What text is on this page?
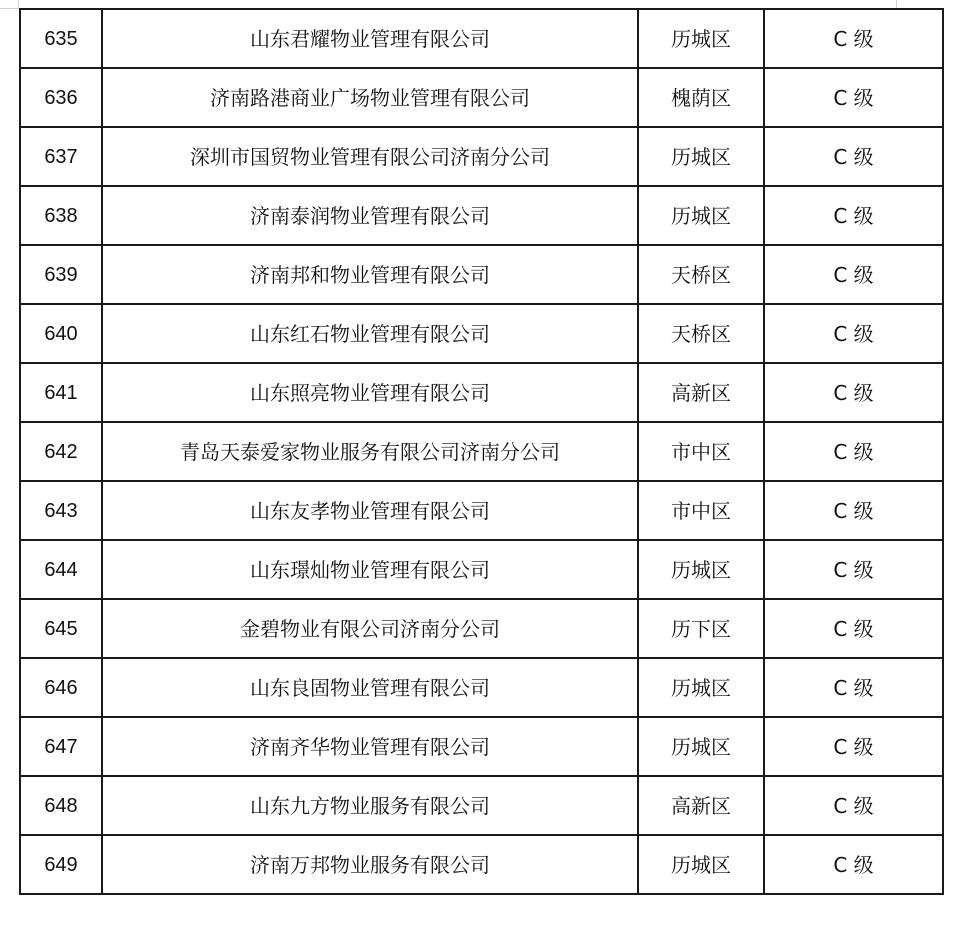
635	山东君耀物业管理有限公司	历城区	C 级
636	济南路港商业广场物业管理有限公司	槐荫区	C 级
637	深圳市国贸物业管理有限公司济南分公司	历城区	C 级
638	济南泰润物业管理有限公司	历城区	C 级
639	济南邦和物业管理有限公司	天桥区	C 级
640	山东红石物业管理有限公司	天桥区	C 级
641	山东照亮物业管理有限公司	高新区	C 级
642	青岛天泰爱家物业服务有限公司济南分公司	市中区	C 级
643	山东友孝物业管理有限公司	市中区	C 级
644	山东璟灿物业管理有限公司	历城区	C 级
645	金碧物业有限公司济南分公司	历下区	C 级
646	山东良固物业管理有限公司	历城区	C 级
647	济南齐华物业管理有限公司	历城区	C 级
648	山东九方物业服务有限公司	高新区	C 级
649	济南万邦物业服务有限公司	历城区	C 级
